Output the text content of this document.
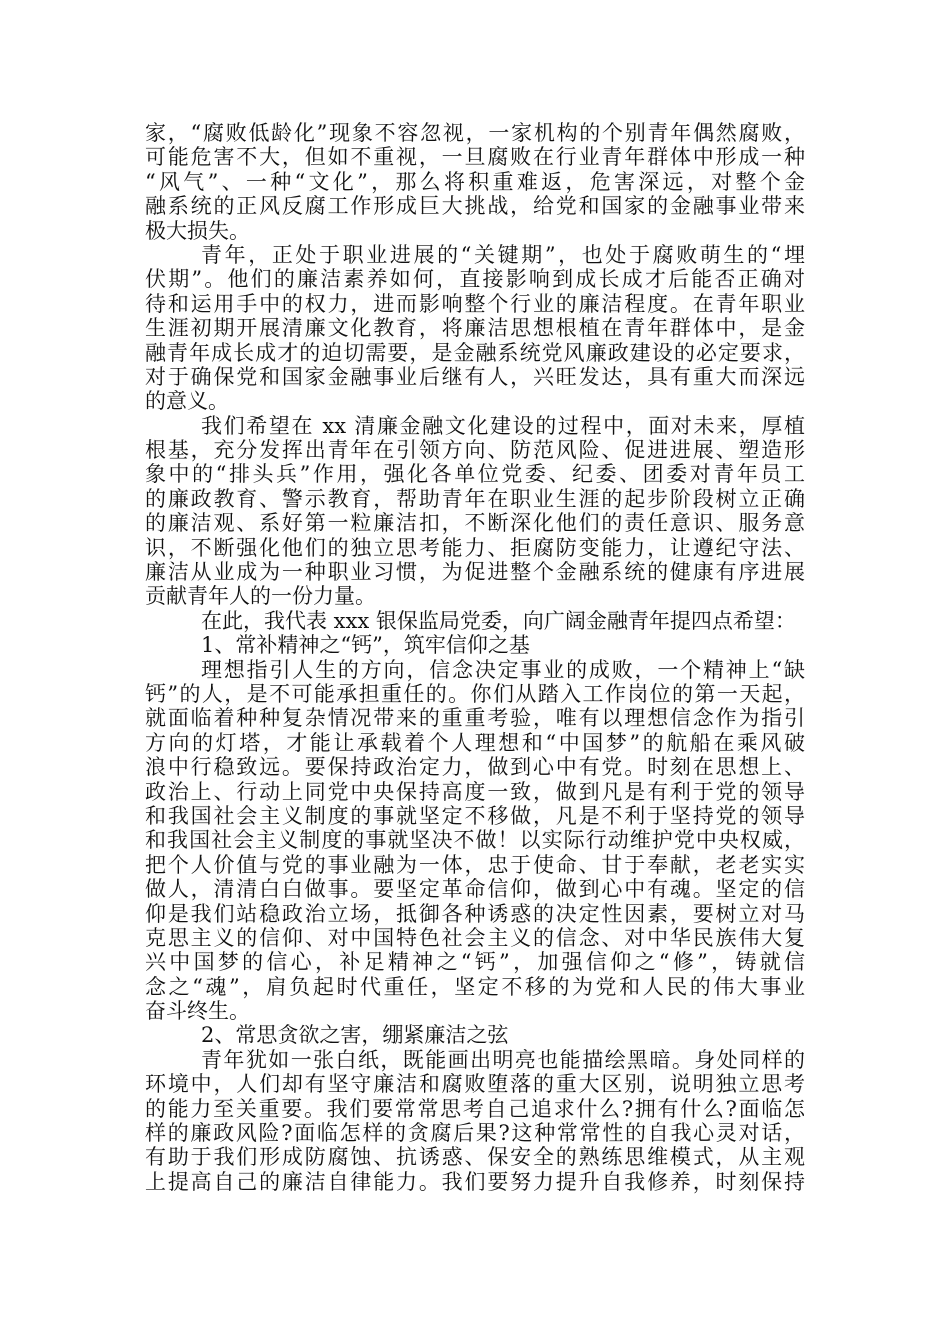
家，“腐败低龄化”现象不容忽视，一家机构的个别青年偶然腐败，
可能危害不大，但如不重视，一旦腐败在行业青年群体中形成一种
“风气”、一种“文化”，那么将积重难返，危害深远，对整个金
融系统的正风反腐工作形成巨大挑战，给党和国家的金融事业带来
极大损失。
青年，正处于职业进展的“关键期”，也处于腐败萌生的“埋
伏期”。他们的廉洁素养如何，直接影响到成长成才后能否正确对
待和运用手中的权力，进而影响整个行业的廉洁程度。在青年职业
生涯初期开展清廉文化教育，将廉洁思想根植在青年群体中，是金
融青年成长成才的迫切需要，是金融系统党风廉政建设的必定要求，
对于确保党和国家金融事业后继有人，兴旺发达，具有重大而深远
的意义。
我们希望在 xx 清廉金融文化建设的过程中，面对未来，厚植
根基，充分发挥出青年在引领方向、防范风险、促进进展、塑造形
象中的“排头兵”作用，强化各单位党委、纪委、团委对青年员工
的廉政教育、警示教育，帮助青年在职业生涯的起步阶段树立正确
的廉洁观、系好第一粒廉洁扣，不断深化他们的责任意识、服务意
识，不断强化他们的独立思考能力、拒腐防变能力，让遵纪守法、
廉洁从业成为一种职业习惯，为促进整个金融系统的健康有序进展
贡献青年人的一份力量。
在此，我代表 xxx 银保监局党委，向广阔金融青年提四点希望：
1、常补精神之“钙”，筑牢信仰之基
理想指引人生的方向，信念决定事业的成败，一个精神上“缺
钙”的人，是不可能承担重任的。你们从踏入工作岗位的第一天起，
就面临着种种复杂情况带来的重重考验，唯有以理想信念作为指引
方向的灯塔，才能让承载着个人理想和“中国梦”的航船在乘风破
浪中行稳致远。要保持政治定力，做到心中有党。时刻在思想上、
政治上、行动上同党中央保持高度一致，做到凡是有利于党的领导
和我国社会主义制度的事就坚定不移做，凡是不利于坚持党的领导
和我国社会主义制度的事就坚决不做！以实际行动维护党中央权威，
把个人价值与党的事业融为一体，忠于使命、甘于奉献，老老实实
做人，清清白白做事。要坚定革命信仰，做到心中有魂。坚定的信
仰是我们站稳政治立场，抵御各种诱惑的决定性因素，要树立对马
克思主义的信仰、对中国特色社会主义的信念、对中华民族伟大复
兴中国梦的信心，补足精神之“钙”，加强信仰之“修”，铸就信
念之“魂”，肩负起时代重任，坚定不移的为党和人民的伟大事业
奋斗终生。
2、常思贪欲之害，绷紧廉洁之弦
青年犹如一张白纸，既能画出明亮也能描绘黑暗。身处同样的
环境中，人们却有坚守廉洁和腐败堕落的重大区别，说明独立思考
的能力至关重要。我们要常常思考自己追求什么?拥有什么?面临怎
样的廉政风险?面临怎样的贪腐后果?这种常常性的自我心灵对话，
有助于我们形成防腐蚀、抗诱惑、保安全的熟练思维模式，从主观
上提高自己的廉洁自律能力。我们要努力提升自我修养，时刻保持
